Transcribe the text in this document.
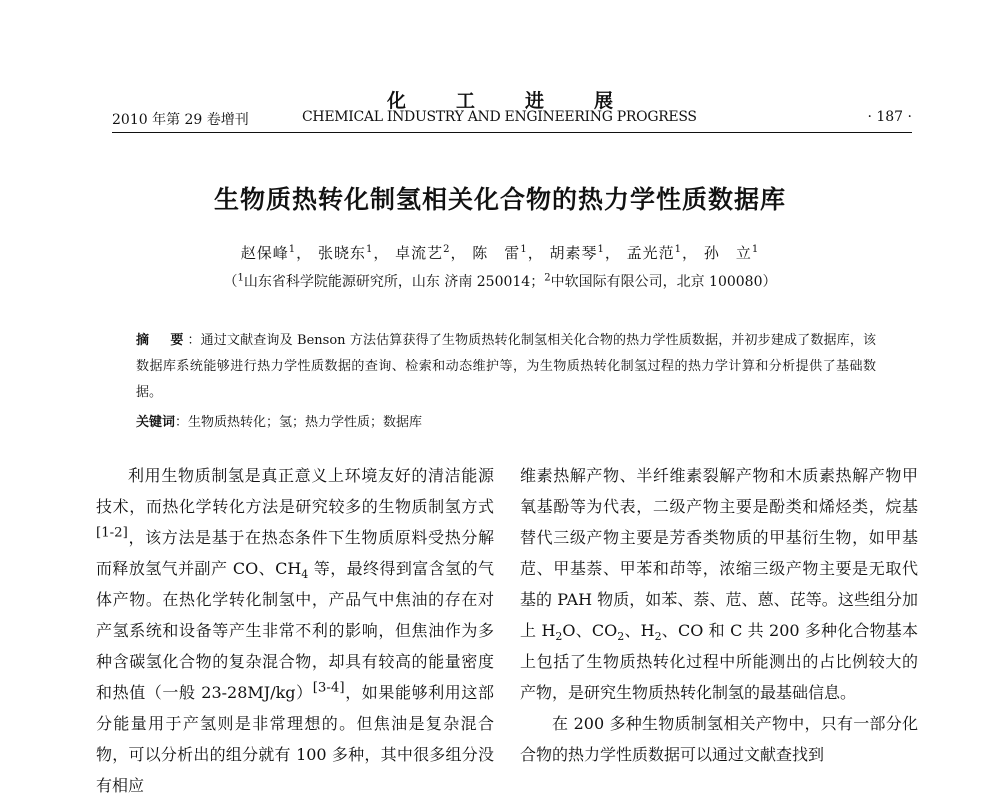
化工进展
2010 年第 29 卷增刊	CHEMICAL INDUSTRY AND ENGINEERING PROGRESS	· 187 ·
生物质热转化制氢相关化合物的热力学性质数据库
赵保峰$^1$， 张晓东$^1$， 卓流艺$^2$， 陈　雷$^1$， 胡素琴$^1$， 孟光范$^1$， 孙　立$^1$
（$^1$山东省科学院能源研究所，山东 济南 250014；$^2$中软国际有限公司，北京 100080）
摘　要：通过文献查询及 Benson 方法估算获得了生物质热转化制氢相关化合物的热力学性质数据，并初步建成了数据库，该数据库系统能够进行热力学性质数据的查询、检索和动态维护等，为生物质热转化制氢过程的热力学计算和分析提供了基础数据。
关键词：生物质热转化；氢；热力学性质；数据库

利用生物质制氢是真正意义上环境友好的清洁能源技术，而热化学转化方法是研究较多的生物质制氢方式[1-2]，该方法是基于在热态条件下生物质原料受热分解而释放氢气并副产 CO、$CH_4$ 等，最终得到富含氢的气体产物。在热化学转化制氢中，产品气中焦油的存在对产氢系统和设备等产生非常不利的影响，但焦油作为多种含碳氢化合物的复杂混合物，却具有较高的能量密度和热值（一般 23-28MJ/kg）[3-4]，如果能够利用这部分能量用于产氢则是非常理想的。但焦油是复杂混合物，可以分析出的组分就有 100 多种，其中很多组分没有相应

维素热解产物、半纤维素裂解产物和木质素热解产物甲氧基酚等为代表，二级产物主要是酚类和烯烃类，烷基替代三级产物主要是芳香类物质的甲基衍生物，如甲基苊、甲基萘、甲苯和茚等，浓缩三级产物主要是无取代基的 PAH 物质，如苯、萘、苊、蒽、芘等。这些组分加上 $H_2O$、$CO_2$、$H_2$、CO 和 C 共 200 多种化合物基本上包括了生物质热转化过程中所能测出的占比例较大的产物，是研究生物质热转化制氢的最基础信息。

在 200 多种生物质制氢相关产物中，只有一部分化合物的热力学性质数据可以通过文献查找到
